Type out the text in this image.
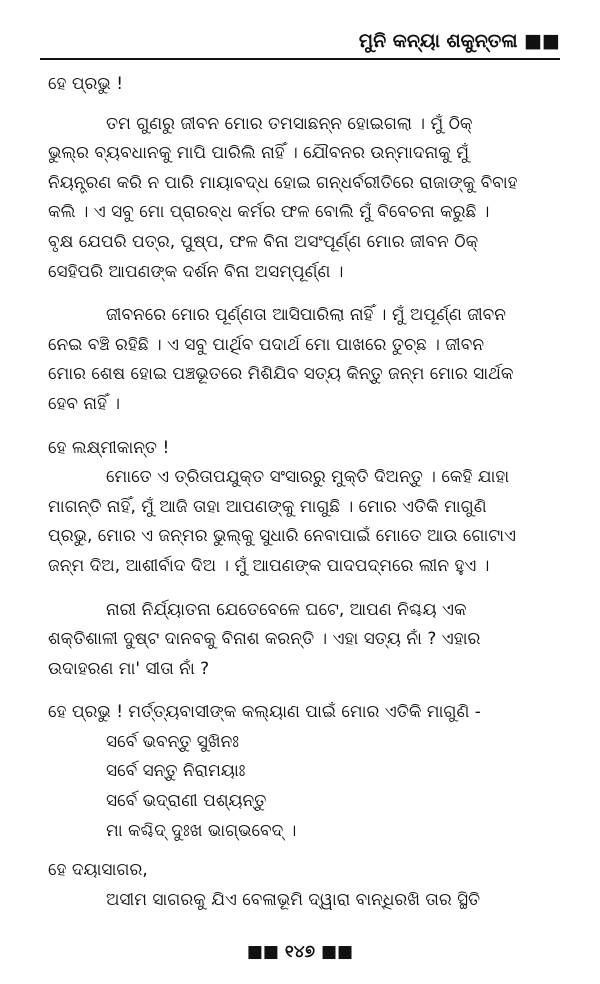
ମୁନି କନ୍ୟା ଶକୁନ୍ତଳା ■■
ହେ ପ୍ରଭୁ !
ତମ ଗୁଣରୁ ଜୀବନ ମୋର ତମସାଛନ୍ନ ହୋଇଗଲା । ମୁଁ ଠିକ୍
ଭୁଲ୍‌ର ବ୍ୟବଧାନକୁ ମାପି ପାରିଲି ନାହିଁ । ଯୌବନର ଉନ୍ମାଦନାକୁ ମୁଁ
ନିୟନ୍ତ୍ରଣ କରି ନ ପାରି ମାୟାବଦ୍ଧ ହୋଇ ଗନ୍ଧର୍ବରୀତିରେ ରାଜାଙ୍କୁ ବିବାହ
କଲି । ଏ ସବୁ ମୋ ପ୍ରାରବ୍ଧ କର୍ମର ଫଳ ବୋଲି ମୁଁ ବିବେଚନା କରୁଛି ।
ବୃକ୍ଷ ଯେପରି ପତ୍ର, ପୁଷ୍ପ, ଫଳ ବିନା ଅସଂପୂର୍ଣ୍ଣ ମୋର ଜୀବନ ଠିକ୍
ସେହିପରି ଆପଣଙ୍କ ଦର୍ଶନ ବିନା ଅସମ୍ପୂର୍ଣ୍ଣ ।
ଜୀବନରେ ମୋର ପୂର୍ଣ୍ଣତା ଆସିପାରିଲା ନାହିଁ । ମୁଁ ଅପୂର୍ଣ୍ଣ ଜୀବନ
ନେଇ ବଞ୍ଚି ରହିଛି । ଏ ସବୁ ପାର୍ଥିବ ପଦାର୍ଥ ମୋ ପାଖରେ ତୁଚ୍ଛ । ଜୀବନ
ମୋର ଶେଷ ହୋଇ ପଞ୍ଚଭୂତରେ ମିଶିଯିବ ସତ୍ୟ କିନ୍ତୁ ଜନ୍ମ ମୋର ସାର୍ଥକ
ହେବ ନାହିଁ ।
ହେ ଲକ୍ଷ୍ମୀକାନ୍ତ !
ମୋତେ ଏ ତ୍ରିତାପଯୁକ୍ତ ସଂସାରରୁ ମୁକ୍ତି ଦିଅନ୍ତୁ । କେହି ଯାହା
ମାଗନ୍ତି ନାହିଁ, ମୁଁ ଆଜି ତାହା ଆପଣଙ୍କୁ ମାଗୁଛି । ମୋର ଏତିକି ମାଗୁଣି
ପ୍ରଭୁ, ମୋର ଏ ଜନ୍ମର ଭୁଲ୍‌କୁ ସୁଧାରି ନେବାପାଇଁ ମୋତେ ଆଉ ଗୋଟାଏ
ଜନ୍ମ ଦିଅ, ଆଶୀର୍ବାଦ ଦିଅ । ମୁଁ ଆପଣଙ୍କ ପାଦପଦ୍ମରେ ଲୀନ ହୁଏ ।
ନାରୀ ନିର୍ଯ୍ୟାତନା ଯେତେବେଳେ ଘଟେ, ଆପଣ ନିଶ୍ଚୟ ଏକ
ଶକ୍ତିଶାଳୀ ଦୁଷ୍ଟ ଦାନବକୁ ବିନାଶ କରନ୍ତି । ଏହା ସତ୍ୟ ନାଁ ? ଏହାର
ଉଦାହରଣ ମା' ସୀତା ନାଁ ?
ହେ ପ୍ରଭୁ ! ମର୍ତ୍ତ୍ୟବାସୀଙ୍କ କଲ୍ୟାଣ ପାଇଁ ମୋର ଏତିକି ମାଗୁଣି -
ସର୍ବେ ଭବନ୍ତୁ ସୁଖିନଃ
ସର୍ବେ ସନ୍ତୁ ନିରାମୟାଃ
ସର୍ବେ ଭଦ୍ରାଣୀ ପଶ୍ୟନ୍ତୁ
ମା କଶ୍ଚିଦ୍ ଦୁଃଖ ଭାଗ୍‌ଭବେଦ୍ ।
ହେ ଦୟାସାଗର,
ଅସୀମ ସାଗରକୁ ଯିଏ ବେଳାଭୂମି ଦ୍ୱାରା ବାନ୍ଧିରଖି ତାର ସ୍ଥିତି
■■ ୧୪୭ ■■
